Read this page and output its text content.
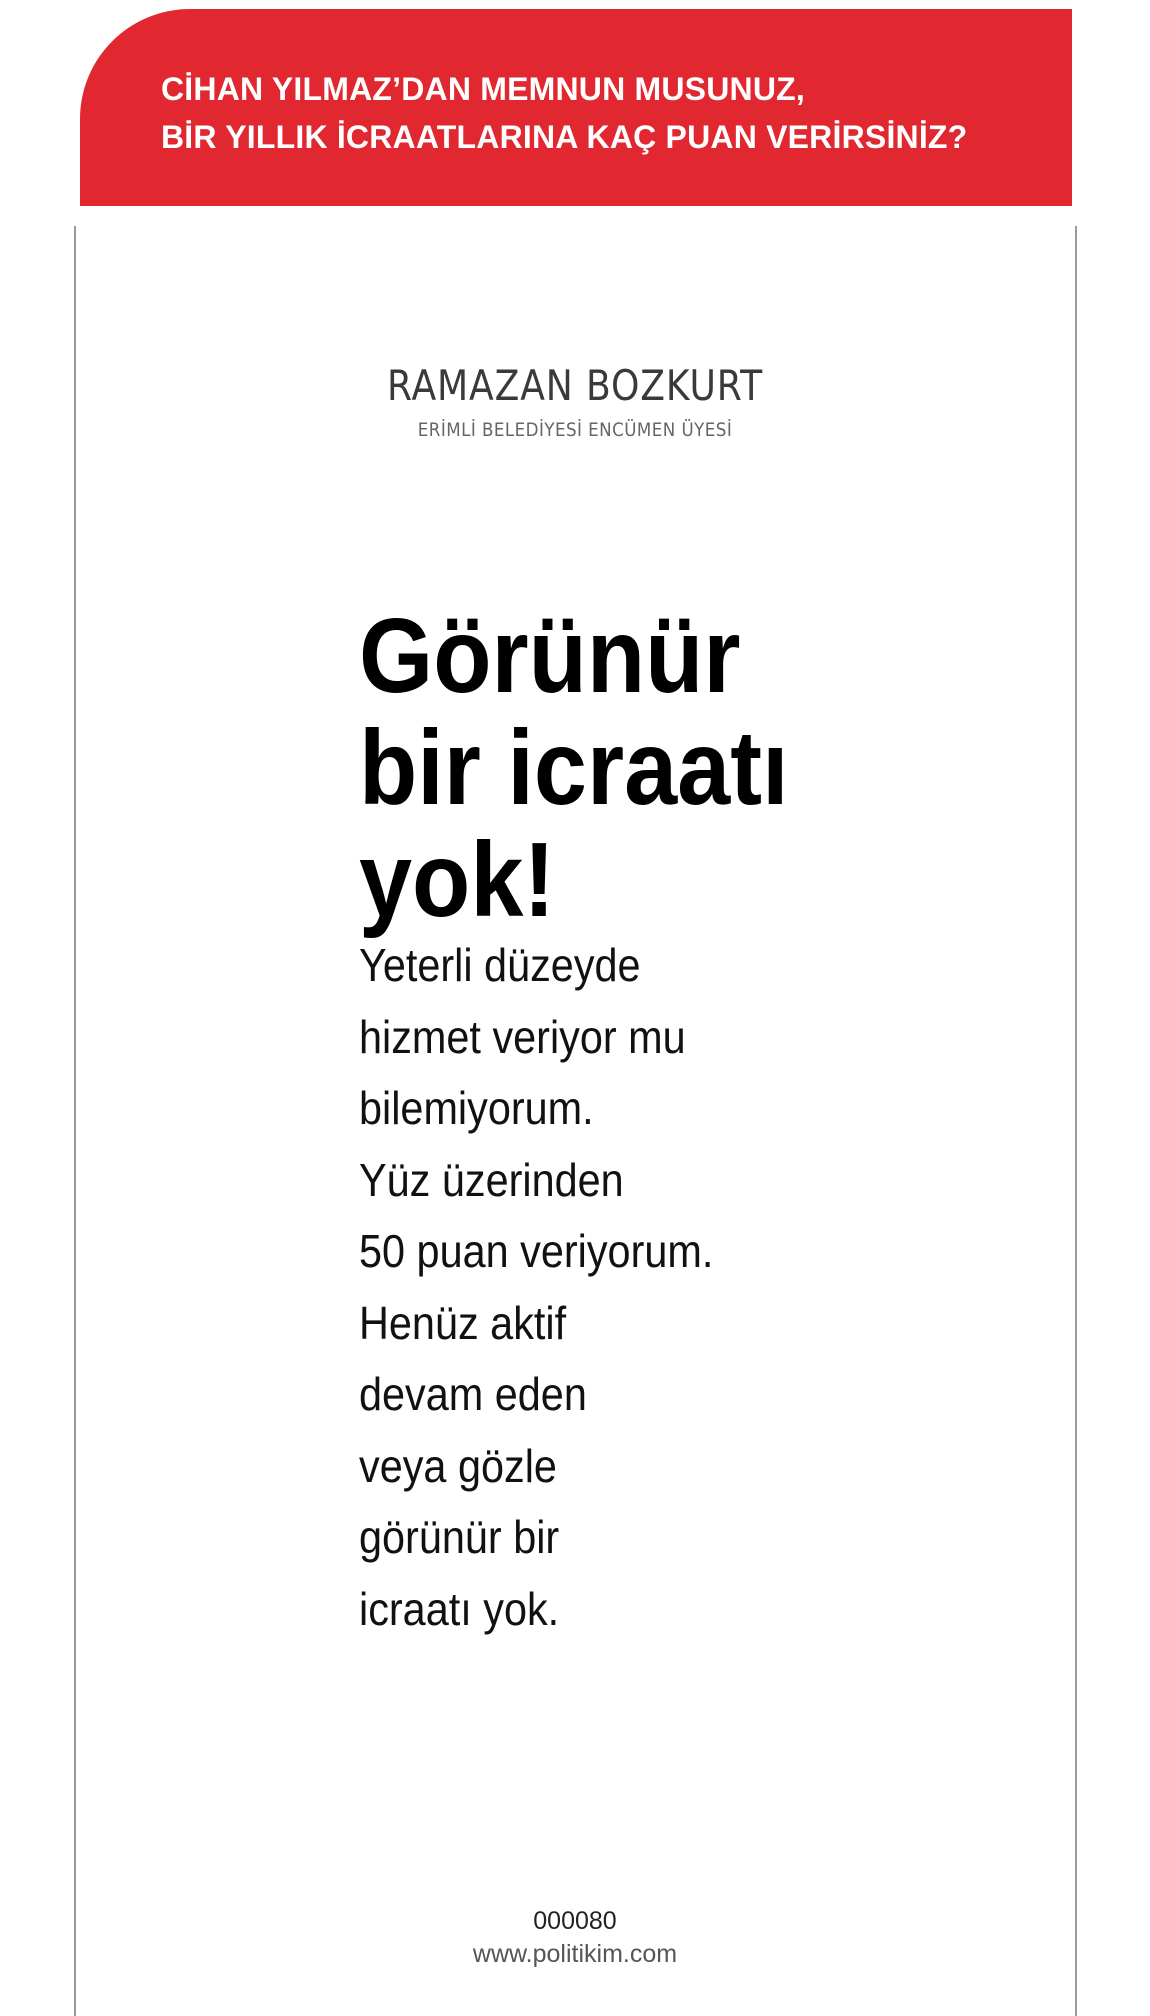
CİHAN YILMAZ’DAN MEMNUN MUSUNUZ,
BİR YILLIK İCRAATLARINA KAÇ PUAN VERİRSİNİZ?
RAMAZAN BOZKURT
ERİMLİ BELEDİYESİ ENCÜMEN ÜYESİ
Görünür
bir icraatı
yok!
Yeterli düzeyde
hizmet veriyor mu
bilemiyorum.
Yüz üzerinden
50 puan veriyorum.
Henüz aktif
devam eden
veya gözle
görünür bir
icraatı yok.
000080
www.politikim.com
